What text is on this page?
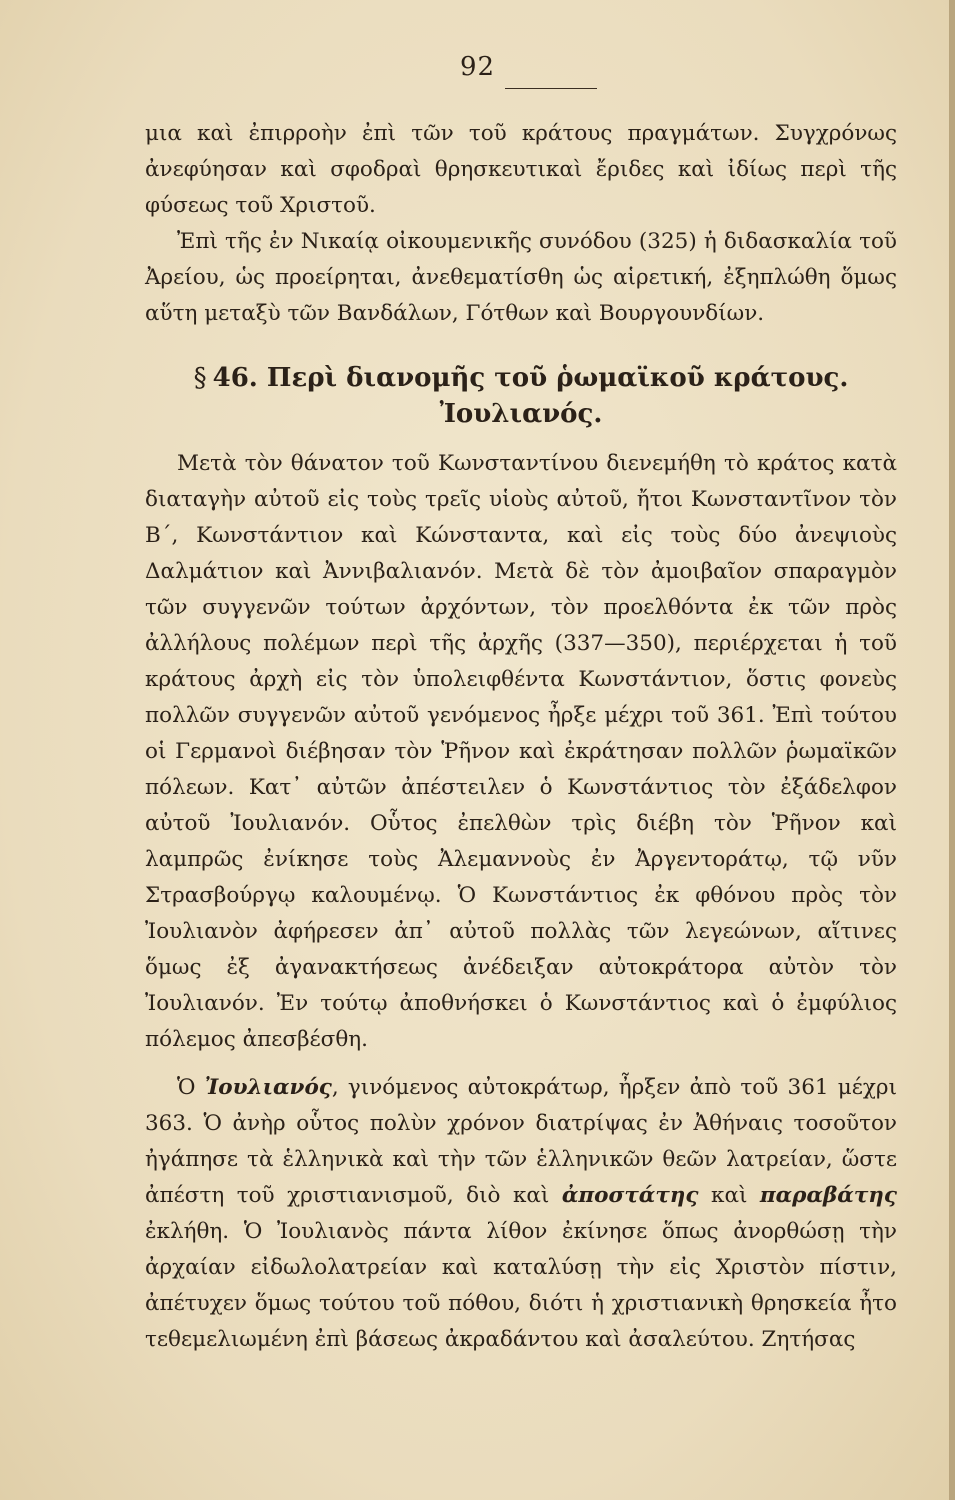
92

μια καὶ ἐπιρροὴν ἐπὶ τῶν τοῦ κράτους πραγμάτων. Συγχρόνως ἀνεφύησαν καὶ σφοδραὶ θρησκευτικαὶ ἔριδες καὶ ἰδίως περὶ τῆς φύσεως τοῦ Χριστοῦ.

Ἐπὶ τῆς ἐν Νικαίᾳ οἰκουμενικῆς συνόδου (325) ἡ διδασκαλία τοῦ Ἀρείου, ὡς προείρηται, ἀνεθεματίσθη ὡς αἱρετική, ἐξηπλώθη ὅμως αὕτη μεταξὺ τῶν Βανδάλων, Γότθων καὶ Βουργουνδίων.

§ 46. Περὶ διανομῆς τοῦ ῥωμαϊκοῦ κράτους.

Ἰουλιανός.

Μετὰ τὸν θάνατον τοῦ Κωνσταντίνου διενεμήθη τὸ κράτος κατὰ διαταγὴν αὐτοῦ εἰς τοὺς τρεῖς υἱοὺς αὐτοῦ, ἤτοι Κωνσταντῖνον τὸν Β΄, Κωνστάντιον καὶ Κώνσταντα, καὶ εἰς τοὺς δύο ἀνεψιοὺς Δαλμάτιον καὶ Ἀννιβαλιανόν. Μετὰ δὲ τὸν ἀμοιβαῖον σπαραγμὸν τῶν συγγενῶν τούτων ἀρχόντων, τὸν προελθόντα ἐκ τῶν πρὸς ἀλλήλους πολέμων περὶ τῆς ἀρχῆς (337—350), περιέρχεται ἡ τοῦ κράτους ἀρχὴ εἰς τὸν ὑπολειφθέντα Κωνστάντιον, ὅστις φονεὺς πολλῶν συγγενῶν αὐτοῦ γενόμενος ἦρξε μέχρι τοῦ 361. Ἐπὶ τούτου οἱ Γερμανοὶ διέβησαν τὸν Ῥῆνον καὶ ἐκράτησαν πολλῶν ῥωμαϊκῶν πόλεων. Κατ᾽ αὐτῶν ἀπέστειλεν ὁ Κωνστάντιος τὸν ἐξάδελφον αὐτοῦ Ἰουλιανόν. Οὗτος ἐπελθὼν τρὶς διέβη τὸν Ῥῆνον καὶ λαμπρῶς ἐνίκησε τοὺς Ἀλεμαννοὺς ἐν Ἀργεντοράτῳ, τῷ νῦν Στρασβούργῳ καλουμένῳ. Ὁ Κωνστάντιος ἐκ φθόνου πρὸς τὸν Ἰουλιανὸν ἀφήρεσεν ἀπ᾽ αὐτοῦ πολλὰς τῶν λεγεώνων, αἵτινες ὅμως ἐξ ἀγανακτήσεως ἀνέδειξαν αὐτοκράτορα αὐτὸν τὸν Ἰουλιανόν. Ἐν τούτῳ ἀποθνήσκει ὁ Κωνστάντιος καὶ ὁ ἐμφύλιος πόλεμος ἀπεσβέσθη.

Ὁ Ἰουλιανός, γινόμενος αὐτοκράτωρ, ἦρξεν ἀπὸ τοῦ 361 μέχρι 363. Ὁ ἀνὴρ οὗτος πολὺν χρόνον διατρίψας ἐν Ἀθήναις τοσοῦτον ἠγάπησε τὰ ἑλληνικὰ καὶ τὴν τῶν ἑλληνικῶν θεῶν λατρείαν, ὥστε ἀπέστη τοῦ χριστιανισμοῦ, διὸ καὶ ἀποστάτης καὶ παραβάτης ἐκλήθη. Ὁ Ἰουλιανὸς πάντα λίθον ἐκίνησε ὅπως ἀνορθώσῃ τὴν ἀρχαίαν εἰδωλολατρείαν καὶ καταλύσῃ τὴν εἰς Χριστὸν πίστιν, ἀπέτυχεν ὅμως τούτου τοῦ πόθου, διότι ἡ χριστιανικὴ θρησκεία ἦτο τεθεμελιωμένη ἐπὶ βάσεως ἀκραδάντου καὶ ἀσαλεύτου. Ζητήσας
